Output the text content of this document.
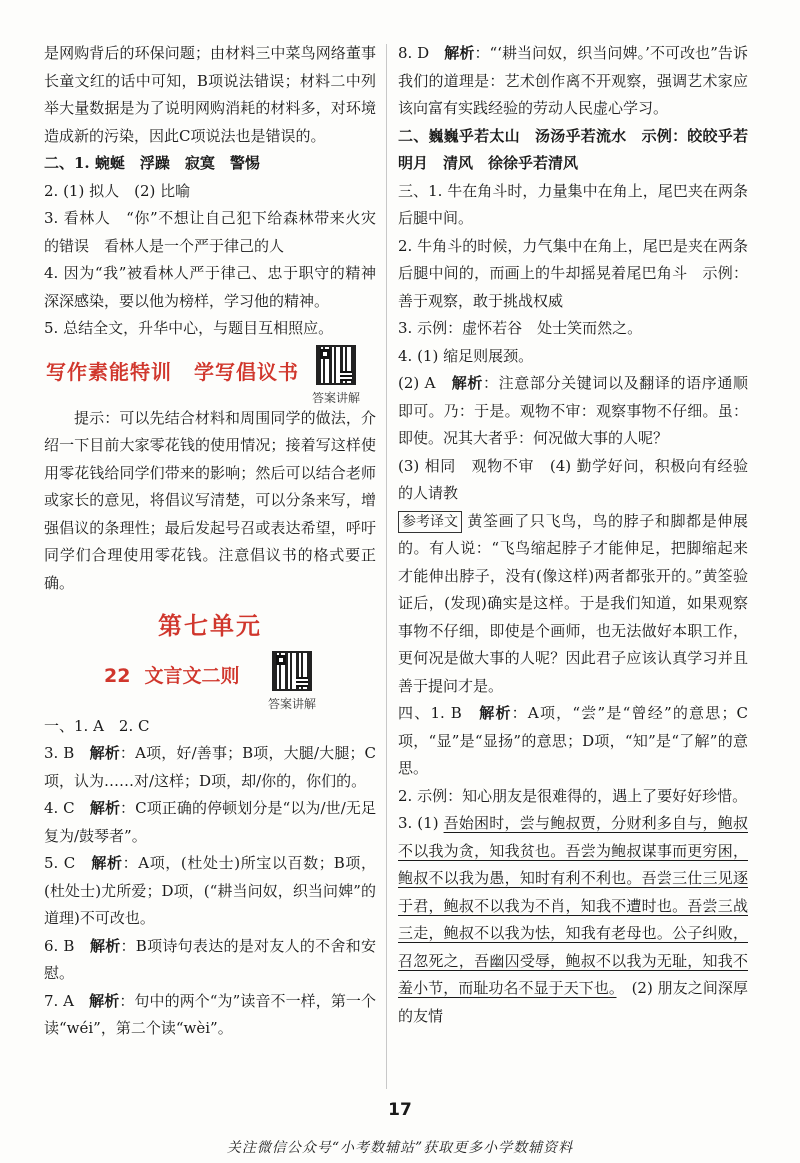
是网购背后的环保问题；由材料三中菜鸟网络董事长童文红的话中可知，B项说法错误；材料二中列举大量数据是为了说明网购消耗的材料多，对环境造成新的污染，因此C项说法也是错误的。

二、1. 蜿蜒　浮躁　寂寞　警惕

2. (1) 拟人　(2) 比喻

3. 看林人　“你”不想让自己犯下给森林带来火灾的错误　看林人是一个严于律己的人

4. 因为“我”被看林人严于律己、忠于职守的精神深深感染，要以他为榜样，学习他的精神。

5. 总结全文，升华中心，与题目互相照应。

写作素能特训 学写倡议书
答案讲解

提示：可以先结合材料和周围同学的做法，介绍一下目前大家零花钱的使用情况；接着写这样使用零花钱给同学们带来的影响；然后可以结合老师或家长的意见，将倡议写清楚，可以分条来写，增强倡议的条理性；最后发起号召或表达希望，呼吁同学们合理使用零花钱。注意倡议书的格式要正确。

第七单元
22 文言文二则
答案讲解

一、1. A　2. C

3. B　解析：A项，好/善事；B项，大腿/大腿；C项，认为……对/这样；D项，却/你的，你们的。

4. C　解析：C项正确的停顿划分是“以为/世/无足复为/鼓琴者”。

5. C　解析：A项，(杜处士)所宝以百数；B项，(杜处士)尤所爱；D项，(“耕当问奴，织当问婢”的道理)不可改也。

6. B　解析：B项诗句表达的是对友人的不舍和安慰。

7. A　解析：句中的两个“为”读音不一样，第一个读“wéi”，第二个读“wèi”。

8. D　解析：“‘耕当问奴，织当问婢。’不可改也”告诉我们的道理是：艺术创作离不开观察，强调艺术家应该向富有实践经验的劳动人民虚心学习。

二、巍巍乎若太山　汤汤乎若流水　示例：皎皎乎若明月　清风　徐徐乎若清风

三、1. 牛在角斗时，力量集中在角上，尾巴夹在两条后腿中间。

2. 牛角斗的时候，力气集中在角上，尾巴是夹在两条后腿中间的，而画上的牛却摇晃着尾巴角斗　示例：善于观察，敢于挑战权威

3. 示例：虚怀若谷　处士笑而然之。

4. (1) 缩足则展颈。

(2) A　解析：注意部分关键词以及翻译的语序通顺即可。乃：于是。观物不审：观察事物不仔细。虽：即使。况其大者乎：何况做大事的人呢？

(3) 相同　观物不审　(4) 勤学好问，积极向有经验的人请教

参考译文 黄筌画了只飞鸟，鸟的脖子和脚都是伸展的。有人说：“飞鸟缩起脖子才能伸足，把脚缩起来才能伸出脖子，没有(像这样)两者都张开的。”黄筌验证后，(发现)确实是这样。于是我们知道，如果观察事物不仔细，即使是个画师，也无法做好本职工作，更何况是做大事的人呢？因此君子应该认真学习并且善于提问才是。

四、1. B　解析：A项，“尝”是“曾经”的意思；C项，“显”是“显扬”的意思；D项，“知”是“了解”的意思。

2. 示例：知心朋友是很难得的，遇上了要好好珍惜。

3. (1) 吾始困时，尝与鲍叔贾，分财利多自与，鲍叔不以我为贪，知我贫也。吾尝为鲍叔谋事而更穷困，鲍叔不以我为愚，知时有利不利也。吾尝三仕三见逐于君，鲍叔不以我为不肖，知我不遭时也。吾尝三战三走，鲍叔不以我为怯，知我有老母也。公子纠败，召忽死之，吾幽囚受辱，鲍叔不以我为无耻，知我不羞小节，而耻功名不显于天下也。　(2) 朋友之间深厚的友情

17
关注微信公众号“小考数辅站”获取更多小学数辅资料
